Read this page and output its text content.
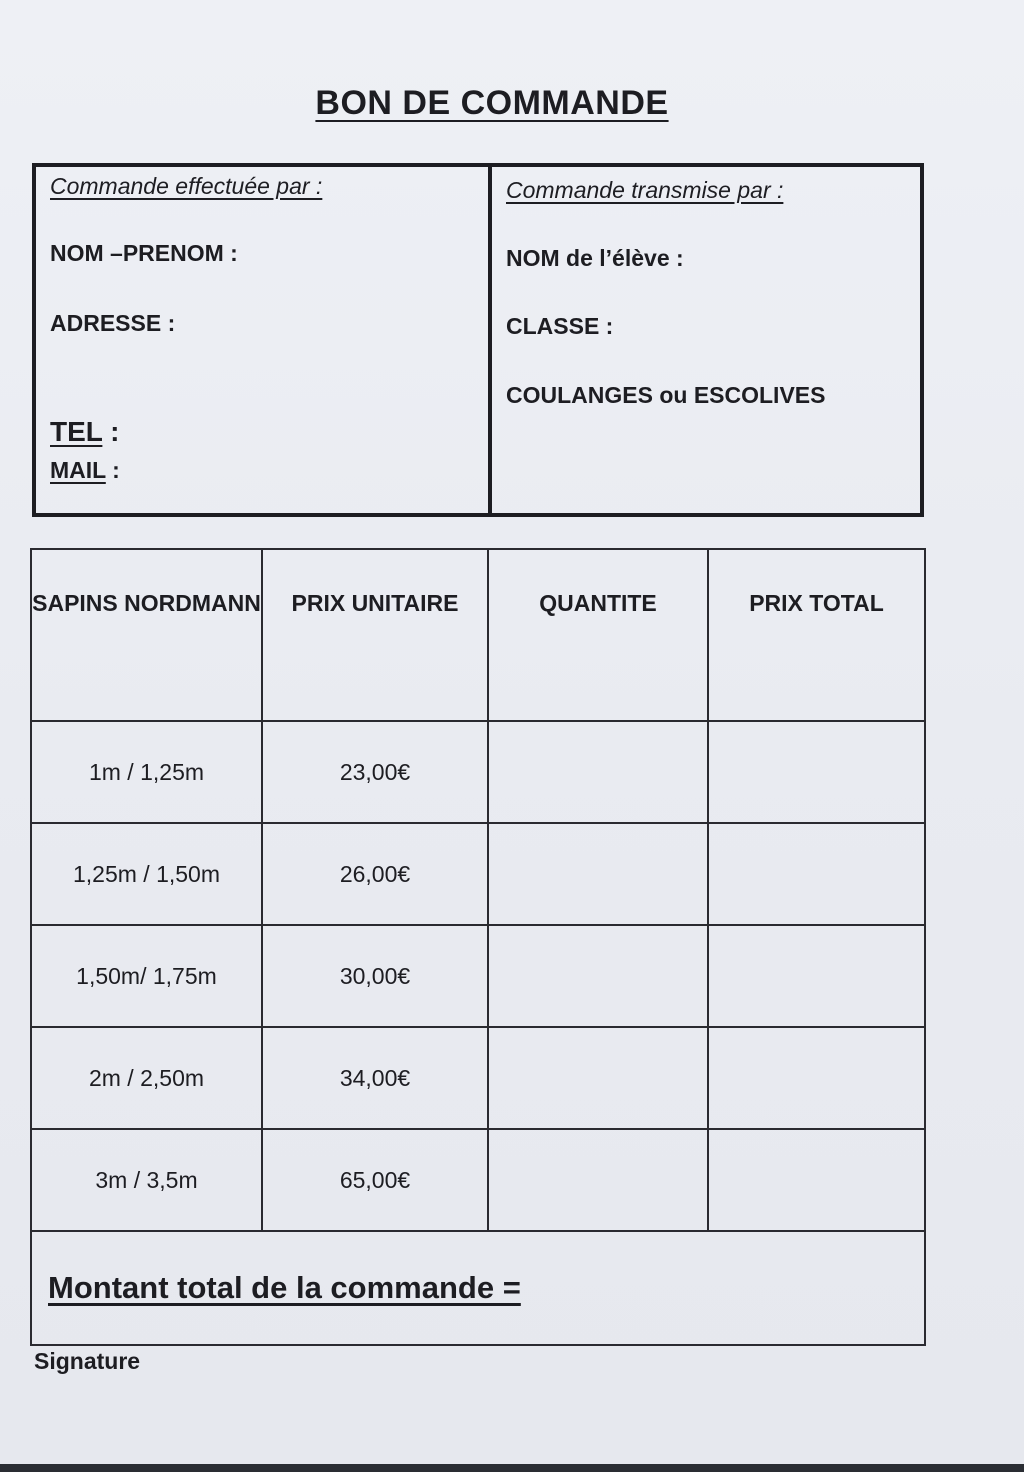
BON DE COMMANDE
Commande effectuée par :
NOM –PRENOM :
ADRESSE :
TEL :
MAIL :
Commande transmise par :
NOM de l’élève :
CLASSE :
COULANGES ou ESCOLIVES
SAPINS NORDMANN	PRIX UNITAIRE	QUANTITE	PRIX TOTAL
1m / 1,25m	23,00€		
1,25m / 1,50m	26,00€		
1,50m/ 1,75m	30,00€		
2m / 2,50m	34,00€		
3m / 3,5m	65,00€		
Montant total de la commande =			
Signature
